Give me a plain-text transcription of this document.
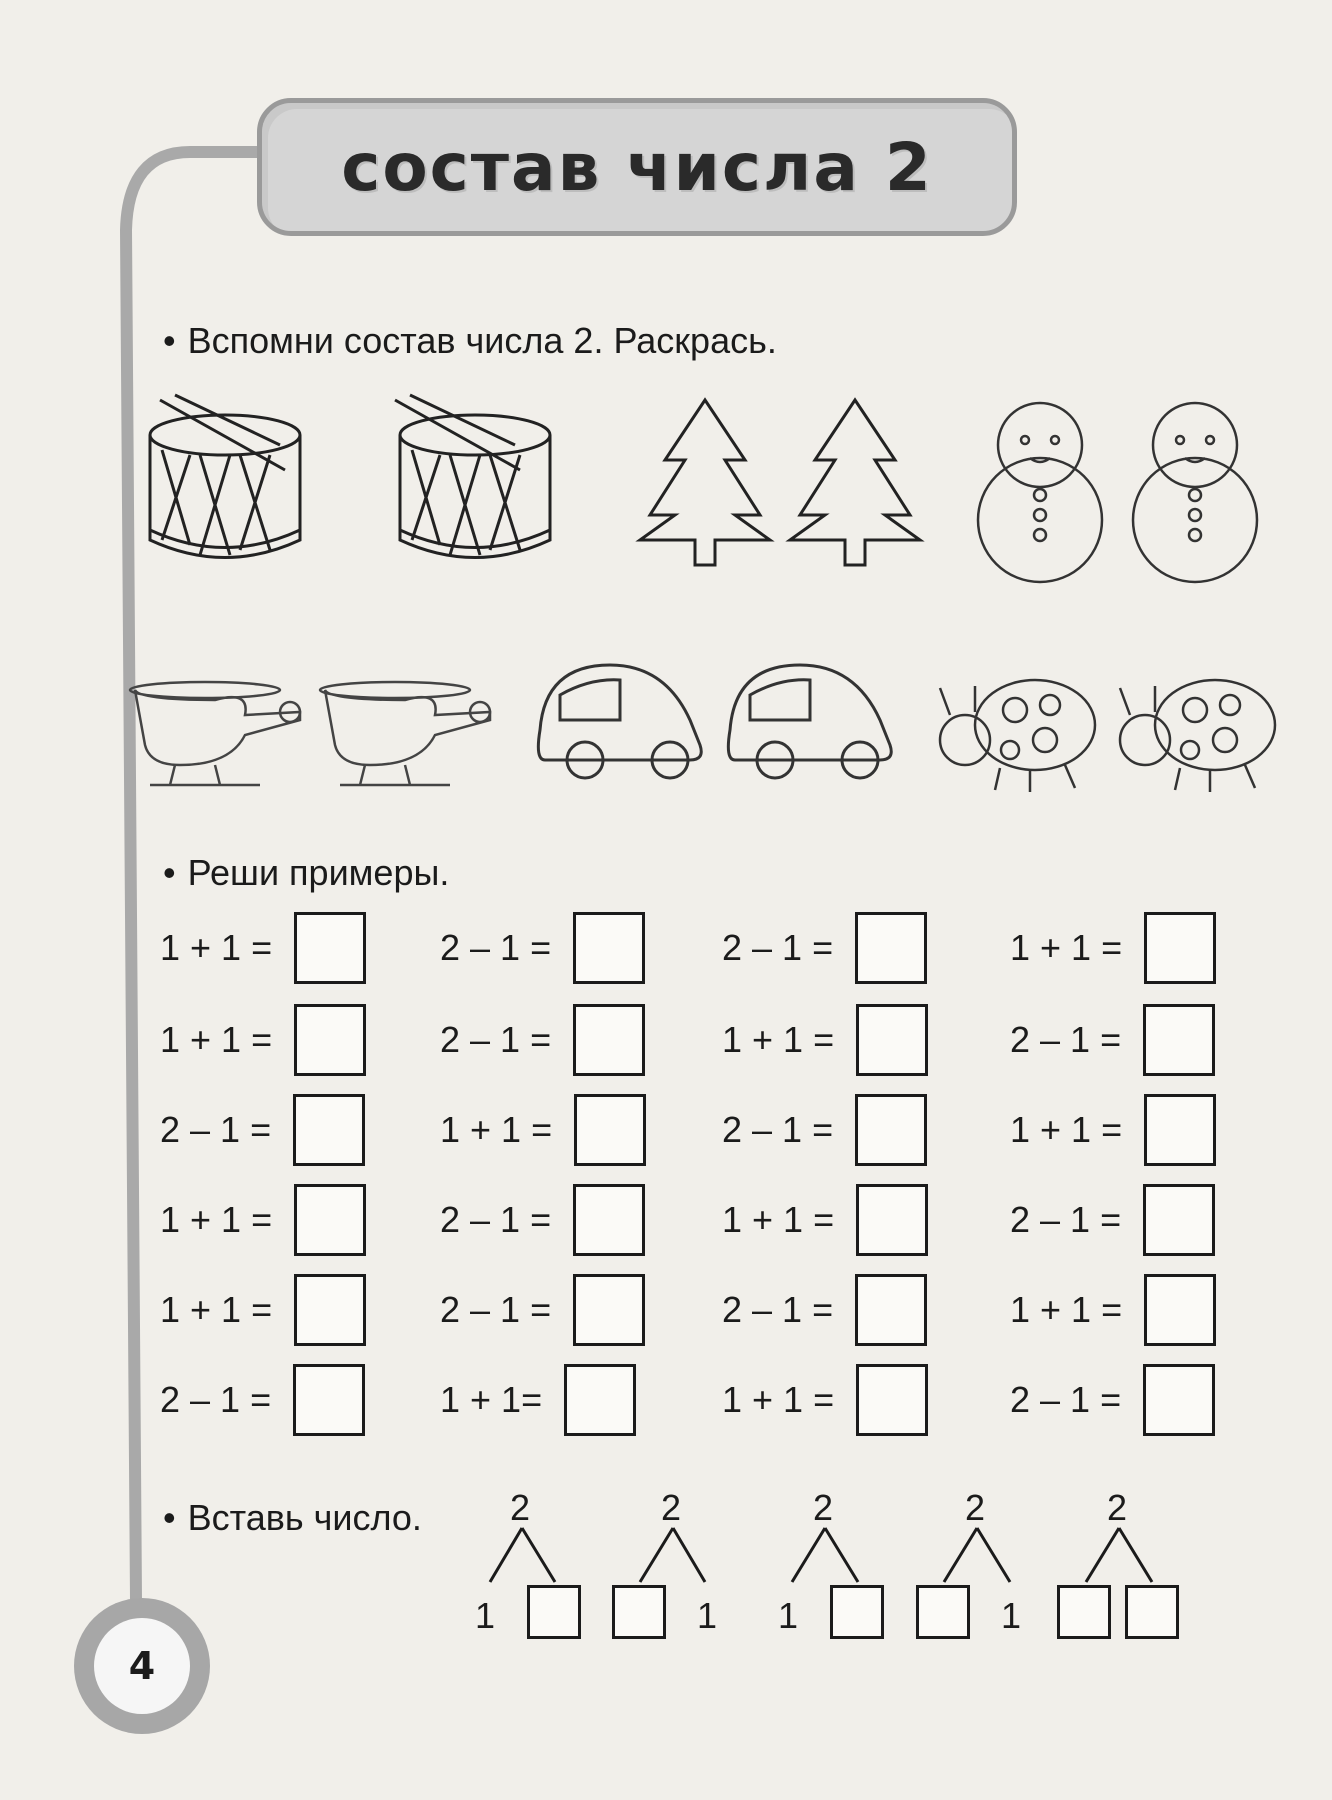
состав числа 2
• Вспомни состав числа 2. Раскрась.
• Реши примеры.
• Вставь число.
1 + 1 =	2 – 1 =	2 – 1 =	1 + 1 =
1 + 1 =	2 – 1 =	1 + 1 =	2 – 1 =
2 – 1 =	1 + 1 =	2 – 1 =	1 + 1 =
1 + 1 =	2 – 1 =	1 + 1 =	2 – 1 =
1 + 1 =	2 – 1 =	2 – 1 =	1 + 1 =
2 – 1 =	1 + 1=	1 + 1 =	2 – 1 =
2
1
2
1
2
1
2
1
2
4
